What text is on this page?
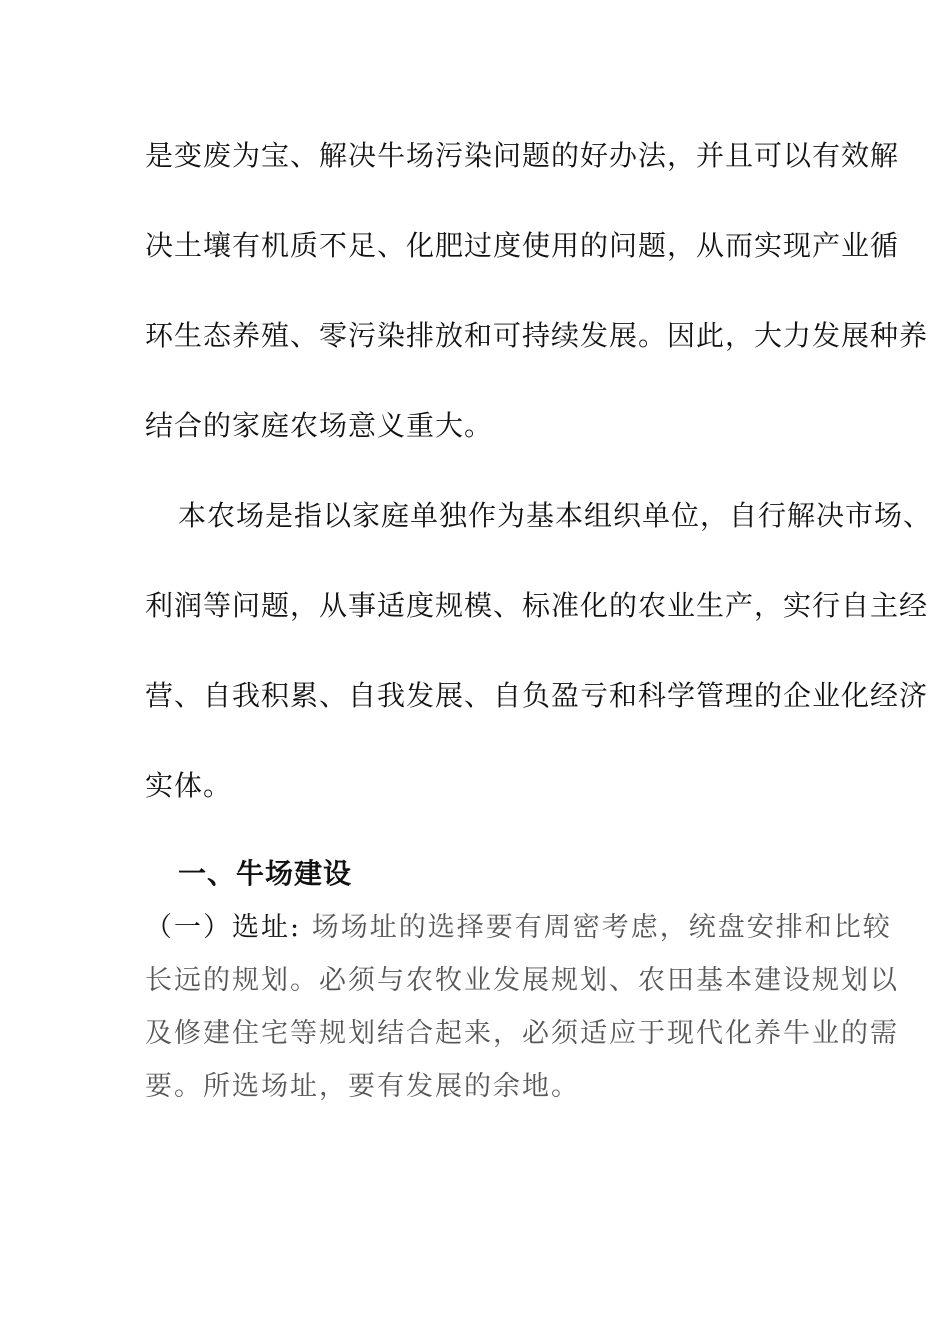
是变废为宝、解决牛场污染问题的好办法，并且可以有效解
决土壤有机质不足、化肥过度使用的问题，从而实现产业循
环生态养殖、零污染排放和可持续发展。因此，大力发展种养
结合的家庭农场意义重大。
本农场是指以家庭单独作为基本组织单位，自行解决市场、
利润等问题，从事适度规模、标准化的农业生产，实行自主经
营、自我积累、自我发展、自负盈亏和科学管理的企业化经济
实体。
一、牛场建设
（一）选址: 场场址的选择要有周密考虑，统盘安排和比较
长远的规划。必须与农牧业发展规划、农田基本建设规划以
及修建住宅等规划结合起来，必须适应于现代化养牛业的需
要。所选场址，要有发展的余地。
